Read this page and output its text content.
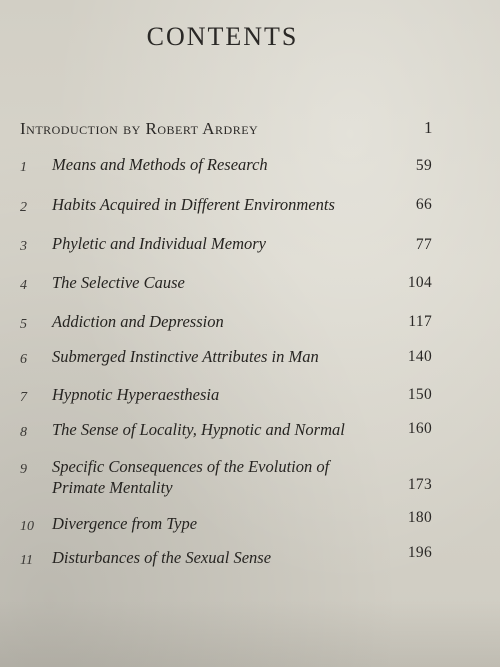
CONTENTS
Introduction by Robert Ardrey	1
1	Means and Methods of Research	59
2	Habits Acquired in Different Environments	66
3	Phyletic and Individual Memory	77
4	The Selective Cause	104
5	Addiction and Depression	117
6	Submerged Instinctive Attributes in Man	140
7	Hypnotic Hyperaesthesia	150
8	The Sense of Locality, Hypnotic and Normal	160
9	Specific Consequences of the Evolution of
Primate Mentality	173
10	Divergence from Type	180
11	Disturbances of the Sexual Sense	196
